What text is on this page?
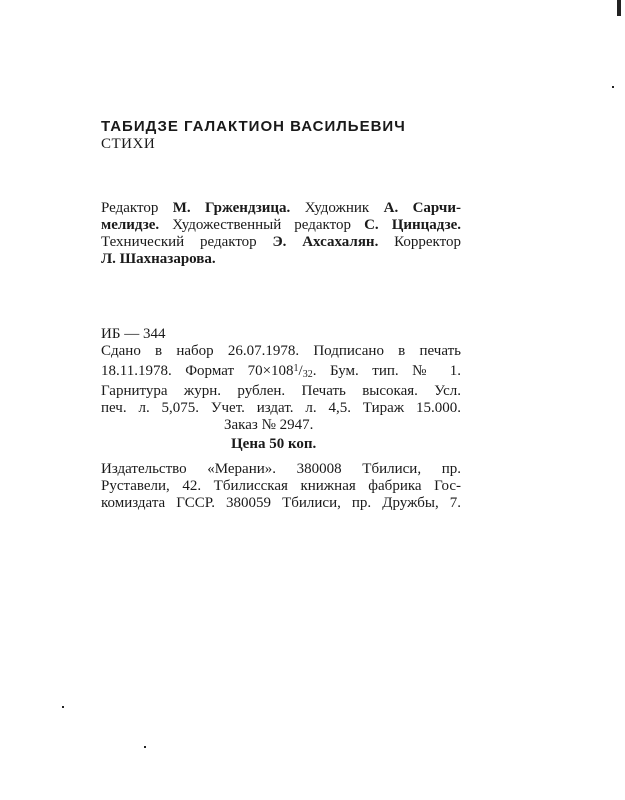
ТАБИДЗЕ ГАЛАКТИОН ВАСИЛЬЕВИЧ
СТИХИ
Редактор М. Гржендзица. Художник А. Сарчи-
мелидзе. Художественный редактор С. Цинцадзе.
Технический редактор Э. Ахсахалян. Корректор
Л. Шахназарова.
ИБ — 344
Сдано в набор 26.07.1978. Подписано в печать
18.11.1978. Формат $70\times 108^1/_{32}$. Бум. тип. № 1.
Гарнитура журн. рублен. Печать высокая. Усл.
печ. л. 5,075. Учет. издат. л. 4,5. Тираж 15.000.
Заказ № 2947.
Цена 50 коп.
Издательство «Мерани». 380008 Тбилиси, пр.
Руставели, 42. Тбилисская книжная фабрика Гос-
комиздата ГССР. 380059 Тбилиси, пр. Дружбы, 7.
